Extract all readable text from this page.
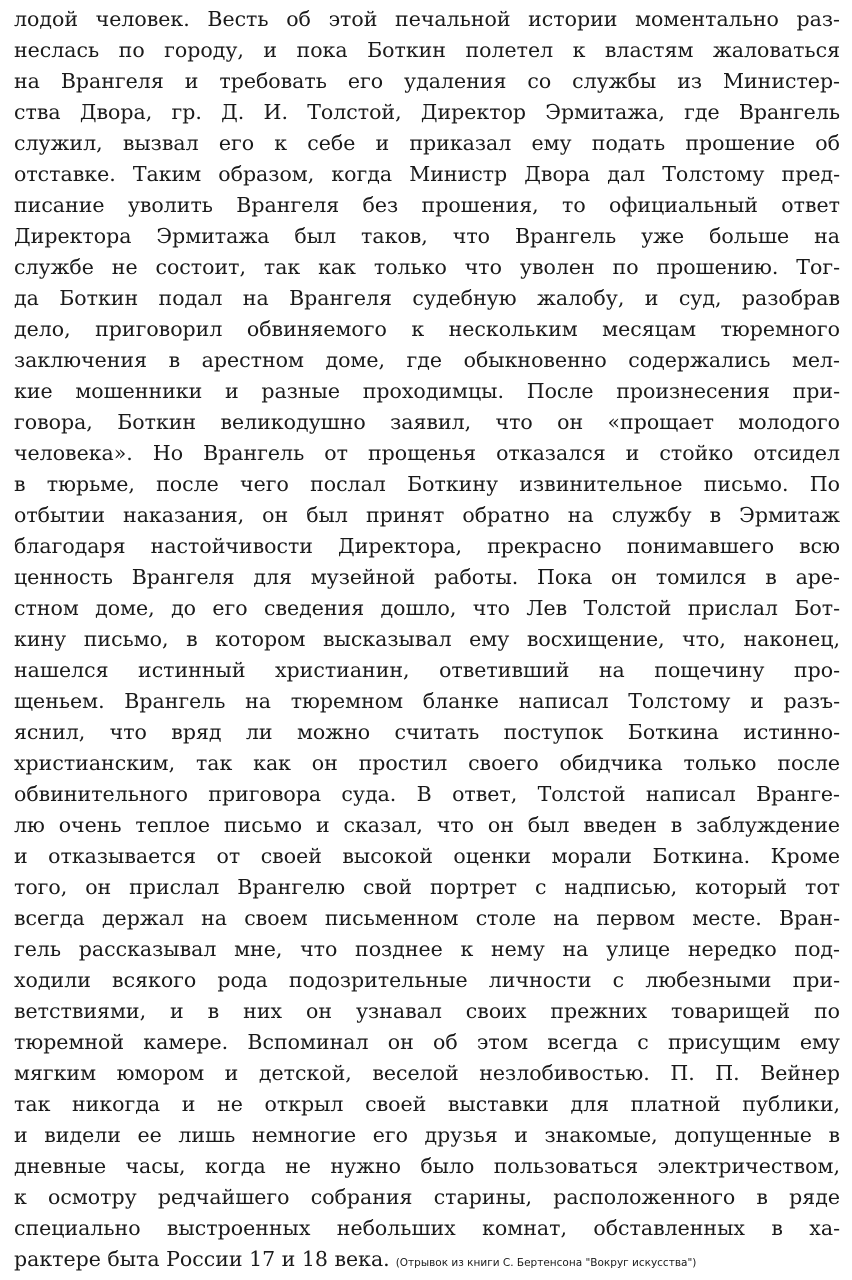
лодой человек. Весть об этой печальной истории моментально раз-
неслась по городу, и пока Боткин полетел к властям жаловаться
на Врангеля и требовать его удаления со службы из Министер-
ства Двора, гр. Д. И. Толстой, Директор Эрмитажа, где Врангель
служил, вызвал его к себе и приказал ему подать прошение об
отставке. Таким образом, когда Министр Двора дал Толстому пред-
писание уволить Врангеля без прошения, то официальный ответ
Директора Эрмитажа был таков, что Врангель уже больше на
службе не состоит, так как только что уволен по прошению. Тог-
да Боткин подал на Врангеля судебную жалобу, и суд, разобрав
дело, приговорил обвиняемого к нескольким месяцам тюремного
заключения в арестном доме, где обыкновенно содержались мел-
кие мошенники и разные проходимцы. После произнесения при-
говора, Боткин великодушно заявил, что он «прощает молодого
человека». Но Врангель от прощенья отказался и стойко отсидел
в тюрьме, после чего послал Боткину извинительное письмо. По
отбытии наказания, он был принят обратно на службу в Эрмитаж
благодаря настойчивости Директора, прекрасно понимавшего всю
ценность Врангеля для музейной работы. Пока он томился в аре-
стном доме, до его сведения дошло, что Лев Толстой прислал Бот-
кину письмо, в котором высказывал ему восхищение, что, наконец,
нашелся истинный христианин, ответивший на пощечину про-
щеньем. Врангель на тюремном бланке написал Толстому и разъ-
яснил, что вряд ли можно считать поступок Боткина истинно-
христианским, так как он простил своего обидчика только после
обвинительного приговора суда. В ответ, Толстой написал Вранге-
лю очень теплое письмо и сказал, что он был введен в заблуждение
и отказывается от своей высокой оценки морали Боткина. Кроме
того, он прислал Врангелю свой портрет с надписью, который тот
всегда держал на своем письменном столе на первом месте. Вран-
гель рассказывал мне, что позднее к нему на улице нередко под-
ходили всякого рода подозрительные личности с любезными при-
ветствиями, и в них он узнавал своих прежних товарищей по
тюремной камере. Вспоминал он об этом всегда с присущим ему
мягким юмором и детской, веселой незлобивостью. П. П. Вейнер
так никогда и не открыл своей выставки для платной публики,
и видели ее лишь немногие его друзья и знакомые, допущенные в
дневные часы, когда не нужно было пользоваться электричеством,
к осмотру редчайшего собрания старины, расположенного в ряде
специально выстроенных небольших комнат, обставленных в ха-
рактере быта России 17 и 18 века. (Отрывок из книги С. Бертенсона "Вокруг искусства")
